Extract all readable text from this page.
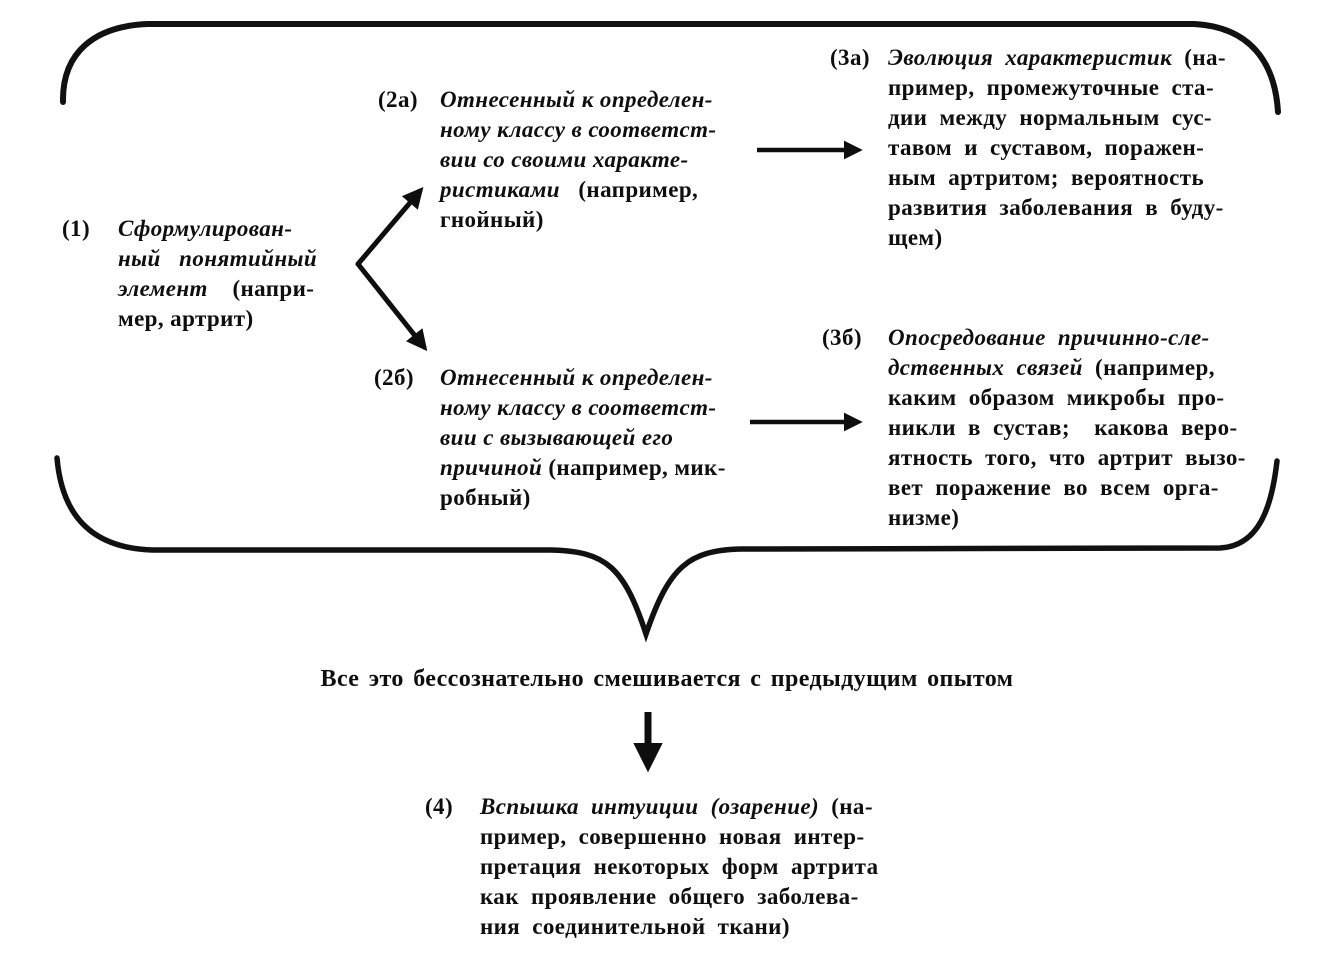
(1) Сформулирован-
ный   понятийный
элемент    (напри-
мер, артрит)
(2а) Отнесенный к определен-
ному классу в соответст-
вии со своими характе-
ристиками   (например,
гнойный)
(2б) Отнесенный к определен-
ному классу в соответст-
вии с вызывающей его
причиной (например, мик-
робный)
(3а) Эволюция характеристик (на-
пример, промежуточные ста-
дии между нормальным сус-
тавом и суставом, поражен-
ным артритом; вероятность
развития заболевания в буду-
щем)
(3б) Опосредование причинно-сле-
дственных связей (например,
каким образом микробы про-
никли в сустав;  какова веро-
ятность того, что артрит вызо-
вет поражение во всем орга-
низме)
(4) Вспышка интуиции (озарение) (на-
пример, совершенно новая интер-
претация некоторых форм артрита
как проявление общего заболева-
ния соединительной ткани)
Все это бессознательно смешивается с предыдущим опытом
